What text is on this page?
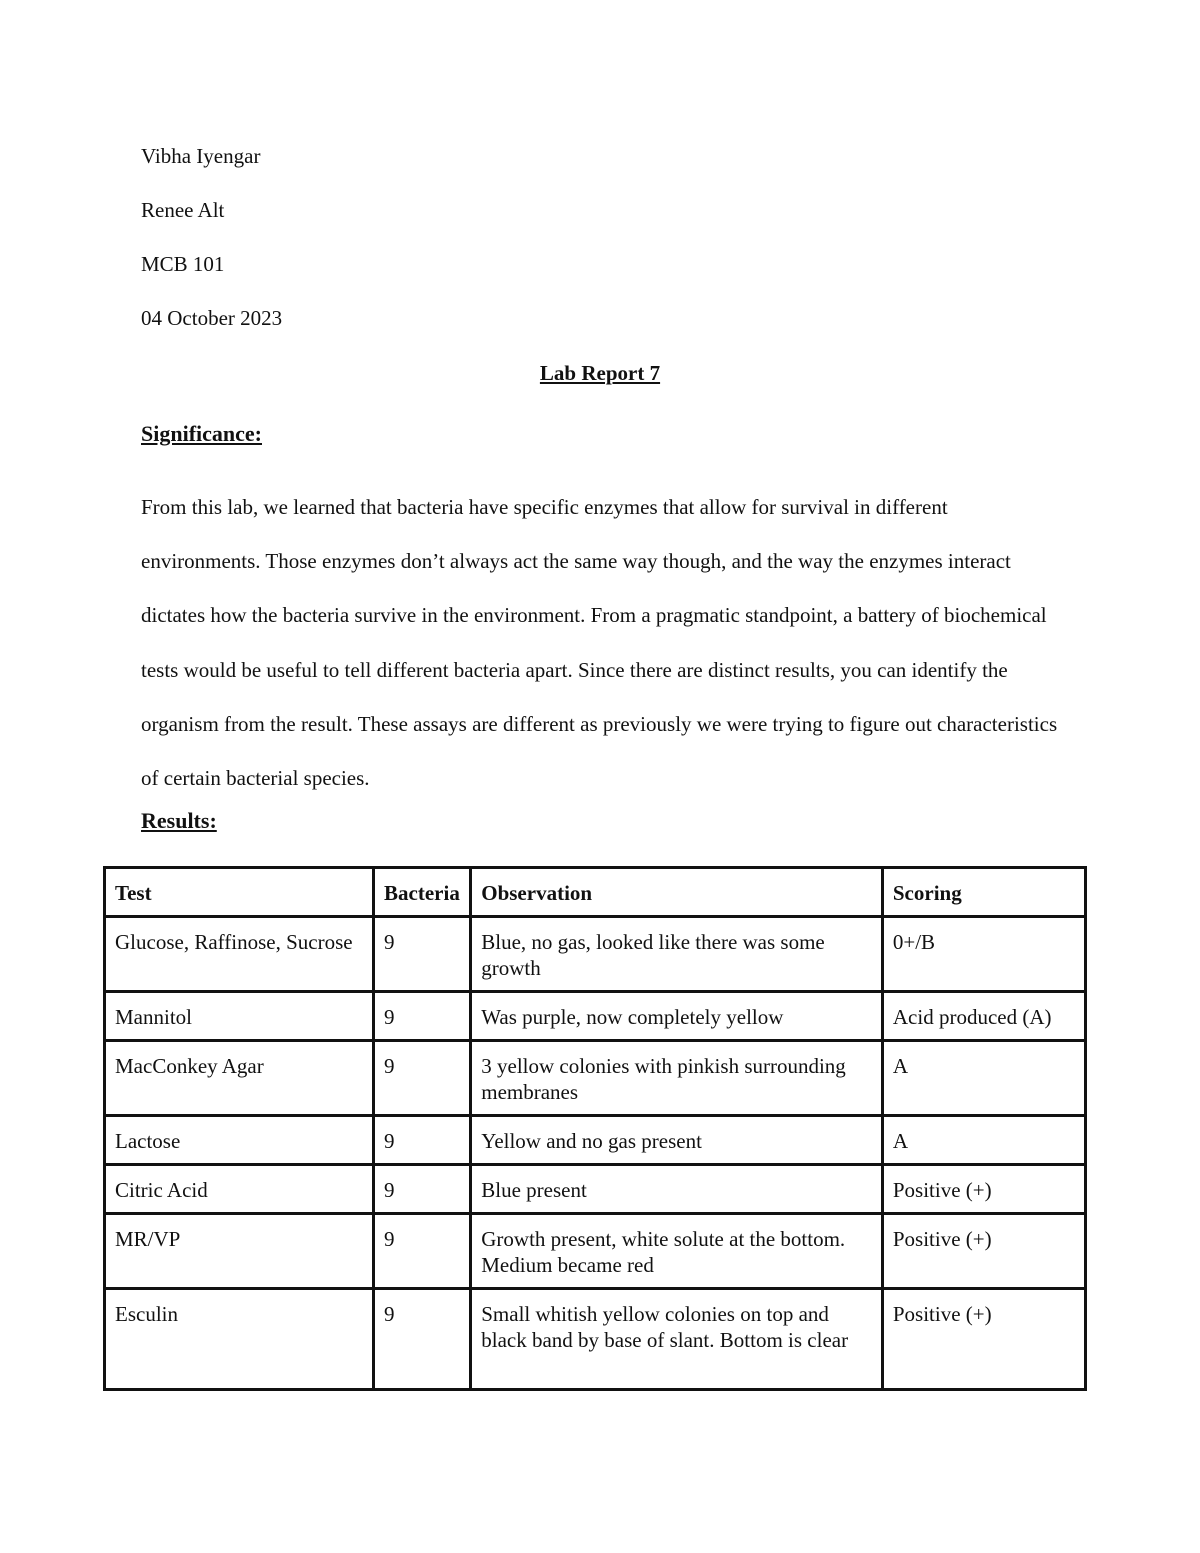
Vibha Iyengar
Renee Alt
MCB 101
04 October 2023
Lab Report 7
Significance:

From this lab, we learned that bacteria have specific enzymes that allow for survival in different environments. Those enzymes don’t always act the same way though, and the way the enzymes interact dictates how the bacteria survive in the environment. From a pragmatic standpoint, a battery of biochemical tests would be useful to tell different bacteria apart. Since there are distinct results, you can identify the organism from the result. These assays are different as previously we were trying to figure out characteristics of certain bacterial species.

Results:
Test	Bacteria	Observation	Scoring
Glucose, Raffinose, Sucrose	9	Blue, no gas, looked like there was some growth	0+/B
Mannitol	9	Was purple, now completely yellow	Acid produced (A)
MacConkey Agar	9	3 yellow colonies with pinkish surrounding membranes	A
Lactose	9	Yellow and no gas present	A
Citric Acid	9	Blue present	Positive (+)
MR/VP	9	Growth present, white solute at the bottom. Medium became red	Positive (+)
Esculin	9	Small whitish yellow colonies on top and black band by base of slant. Bottom is clear	Positive (+)
